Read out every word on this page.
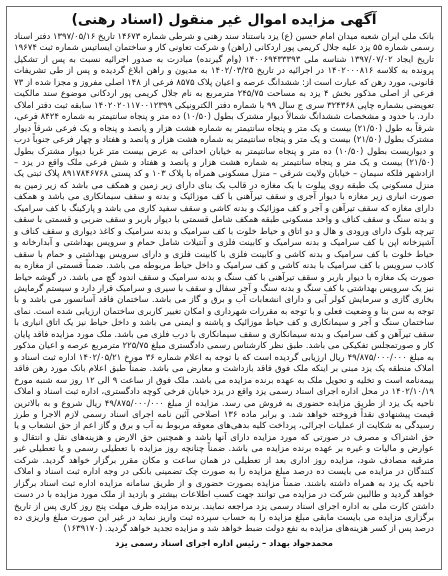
آگهی مزایده اموال غیر منقول (اسناد رهنی)

بانک ملی ایران شعبه میدان امام حسین (ع) یزد باستناد سند رهنی و شرطی شماره ۱۴۶۷۳ تاریخ ۱۳۹۷/۰۵/۱۶ دفتر اسناد رسمی شماره ۵۵ یزد علیه جلال کریمی پور اردکانی (راهن) و شرکت تعاونی کار و ساختمان ایساتیس شماره ثبت ۱۹۶۷۴ تاریخ ایجاد ۱۳۹۷/۰۷/۰۲ شناسه ملی ۱۴۰۰۶۹۴۳۳۳۹۳ (وام گیرنده) مبادرت به صدور اجرائیه نسبت به پس از تشکیل پرونده به کلاسه ۱۴۰۲۰۰۰۸۱۶ در اجرائیه در تاریخ ۱۴۰۲/۰۳/۲۵ به مدیون و راهن ابلاغ گردیده و پس از طی تشریفات قانونی، مورد رهن که عبارت است از: ششدانگ عرصه و اعیان پلاک ۸۵۷۵ فرعی از ۱۴۸ اصلی مفروز و مجزا شده از ۷۳ فرعی از اصلی مذکور بخش ۴ یزد به مساحت ۲۴۵/۷۵ مترمربع به نام جلال کریمی پور اردکانی موضوع سند مالکیت تعویضی بشماره چاپی ۳۲۴۳۶۸ سری ج سال ۹۹ با شماره دفتر الکترونیکی ۱۴۰۲۰۲۰۱۱۷۰۰۱۲۳۹۹ سابقه ثبت دفتر املاک دارد. با حدود و مشخصات ششدانگ شمالاً دیوار مشترک بطول (۱۰/۵۰) ده متر و پنجاه سانتیمتر به شماره ۸۴۲۴ فرعی، شرقاً به طول (۲۱/۵۰) بیست و یک متر و پنجاه سانتیمتر به شماره هشت هزار و پانصد و پنجاه و یک فرعی شرقاً دیوار مشترک بطول (۲۱/۵۰) بیست و یک متر و پنجاه سانتیمتر به شماره هشت هزار و پانصد و هفتاد و چهار فرعی جنوباً درب و دیواریست بطول (۱۰/۵۰) ده متر و پنجاه سانتیمتر به خیابان احداثی به عرض بیست متر غربا دیوار مشترک بطول (۲۱/۵۰) بیست و یک متر و پنجاه سانتیمتر به شماره هشت هزار و پانصد و هفتاد و شش فرعی ملک واقع در یزد – ازادشهر فلکه سیمان – خیابان ولایت شرقی – منزل مسکونی همراه با پلاک ۱۰۳ و کد پستی ۸۹۱۷۸۴۶۷۶۸ پلاک ثبتی یک منزل مسکونی یک طبقه روی پیلوت با یک مغازه در قالب یک بنای دارای زیر زمین و همکف می باشد که زیر زمین به صورت انباری زیر مغازه با دیوار آجری و سقف تیرآهنی با کف موزائیک و بدنه و سقف سیمانکاری می باشد و همکف دارای مغازه که سقف تیرآهن و آجر و کف موزائیک و بدنه کاشی و سقف سفید کاری می باشد و پارکینگ با کف سرامیک و بدنه سنگ و سقف کناف و واحد مسکونی طبقه همکف شامل قسمتی با دیوار باربر و سقف ضربی و قسمتی با سقف تیرچه بلوک دارای ورودی و هال و دو اتاق و حیاط خلوت با کف سرامیک و بدنه سرامیک و کاغذ دیواری و سقف کناف و آشپزخانه اپن با کف سرامیک و بدنه سرامیک و کابینت فلزی و آنتیلات شامل حمام و سرویس بهداشتی و آبدارخانه و حیاط خلوت با کف سرامیک و بدنه کاشی و کابینت فلزی با کابینت فلزی و دارای سرویس بهداشتی و حمام با سقف کاذب سرویس با کف سرامیک با بدنه کاشی و کف سرامیک و داخل حیاط مربوطه می باشد. ضمناً قسمتی از مغازه به صورت یک مغازه با دیوار باربر و سقف تیرآهنی با کف سنگ و بدنه سرامیک و سقف اندود گچ می باشد. در گوشه حیاط نیز یک سرویس بهداشتی با کف سنگ و بدنه سنگ و آجر سفال و سقف با سیری و سرامیک قرار دارد و سیستم گرمایش بخاری گازی و سرمایش کولر آبی و دارای انشعابات آب و برق و گاز می باشد. ساختمان فاقد آسانسور می باشد و با توجه به سن بنا و وضعیت فعلی و با توجه به مقررات شهرداری و امکان تغییر کاربری ساختمان ارزیابی شده است. نمای ساختمان سنگ و آجر و سیمانکاری و کف حیاط موزائیک و پاشنه و ایمنی می باشد و داخل حیاط نیز یک اتاق انباری با سقف تیرآهن و کف سرامیک و بدنه سیمانکاری و سقف سیمانکاری با درب فلزی می باشد. ملک مورد مزایده فاقد پایان کار و صورتمجلس تفکیکی می باشد. طبق نظر کارشناس رسمی دادگستری مبلغ ۲۲۵/۷۵ مترمربع عرصه و اعیان مذکور به مبلغ ۴۹/۸۷۵/۰۰۰/۰۰۰ ریال ارزیابی گردیده است که با توجه به اعلام شماره ۳۶ مورخ ۱۴۰۲/۰۵/۲۱ اداره ثبت اسناد و املاک منطقه یک یزد مبنی بر اینکه ملک فوق فاقد بازداشت و معارض می باشد. ضمناً طبق اعلام بانک مورد رهن فاقد بیمه‌نامه است و تخلیه و تحویل ملک به عهده برنده مزایده می باشد. ملک فوق از ساعت ۹ الی ۱۲ روز سه شنبه مورخ ۱۴۰۲/۱۰/۱۹ در محل اداره اجرای اسناد رسمی یزد واقع در یزد خیابان فرخی کوچه دادگستری، اداره ثبت اسناد و املاک ناحیه یک یزد از طریق مزایده حضوری به فروش می رسد. مزایده از مبلغ ۴۹/۸۷۵/۰۰۰/۰۰۰ ریال شروع و به بالاترین قیمت پیشنهادی نقداً فروخته خواهد شد. و برابر ماده ۱۳۶ اصلاحی آئین نامه اجرای اسناد رسمی لازم الاجرا و طرز رسیدگی به شکایت از عملیات اجرائی، پرداخت کلیه بدهی‌های معوقه مربوط به آب و برق و گاز اعم از حق انشعاب و یا حق اشتراک و مصرف در صورتی که مورد مزایده دارای آنها باشد و همچنین حق الارض و هزینه‌های نقل و انتقال و عوارض و مالیات و غیره بر عهده برنده مزایده می باشد. ضمناً چنانچه روز مزایده با تعطیلی رسمی و یا تعطیلی غیر مترقبه مصادف شود، مزایده روز اداری بعد از تعطیلی در همان ساعت و مکان مقرر برگزار خواهد گردید. شرکت کنندگان در مزایده می بایست ده درصد مبلغ مزایده را به صورت چک تضمینی بانکی در وجه اداره ثبت اسناد و املاک ناحیه یک یزد به همراه داشته باشند. ضمناً مزایده بصورت حضوری و از طریق سامانه مزایده اداره ثبت اسناد برگزار خواهد گردید و طالبین شرکت در مزایده می توانند جهت کسب اطلاعات بیشتر و بازدید از ملک مورد مزایده با در دست داشتن کارت ملی به اداره اجرای اسناد رسمی یزد مراجعه نمایند. برنده مزایده ظرف مهلت پنج روز کاری پس از تاریخ برگزاری مزایده می بایست مابقی مبلغ مزایده را به حساب سپرده ثبت واریز نماید در غیر این صورت مبلغ واریزی ده درصد پس از کسر هزینه‌های مزایده به نفع دولت ضبط خواهد شد و مزایده تجدید خواهد گردید. (۱۶۳۹۱۷۰)

محمدجواد بهداد – رئیس اداره اجرای اسناد رسمی یزد
